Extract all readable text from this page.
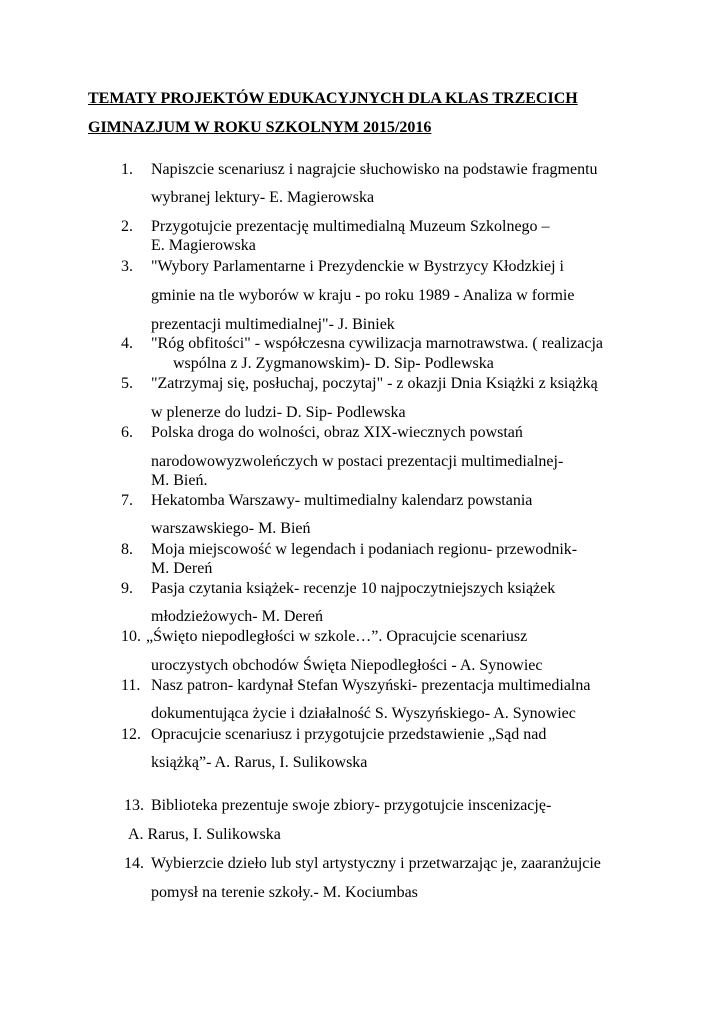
TEMATY PROJEKTÓW EDUKACYJNYCH DLA KLAS TRZECICH
GIMNAZJUM W ROKU SZKOLNYM 2015/2016
1. Napiszcie scenariusz i nagrajcie słuchowisko na podstawie fragmentu
wybranej lektury- E. Magierowska
2. Przygotujcie prezentację multimedialną Muzeum Szkolnego –
E. Magierowska
3. "Wybory Parlamentarne i Prezydenckie w Bystrzycy Kłodzkiej i
gminie na tle wyborów w kraju - po roku 1989 - Analiza w formie
prezentacji multimedialnej"- J. Biniek
4. "Róg obfitości" - współczesna cywilizacja marnotrawstwa. ( realizacja
wspólna z J. Zygmanowskim)- D. Sip- Podlewska
5. "Zatrzymaj się, posłuchaj, poczytaj" - z okazji Dnia Książki z książką
w plenerze do ludzi- D. Sip- Podlewska
6. Polska droga do wolności, obraz XIX-wiecznych powstań
narodowowyzwoleńczych w postaci prezentacji multimedialnej-
M. Bień.
7. Hekatomba Warszawy- multimedialny kalendarz powstania
warszawskiego- M. Bień
8. Moja miejscowość w legendach i podaniach regionu- przewodnik-
M. Dereń
9. Pasja czytania książek- recenzje 10 najpoczytniejszych książek
młodzieżowych- M. Dereń
10. „Święto niepodległości w szkole…”. Opracujcie scenariusz
uroczystych obchodów Święta Niepodległości - A. Synowiec
11. Nasz patron- kardynał Stefan Wyszyński- prezentacja multimedialna
dokumentująca życie i działalność S. Wyszyńskiego- A. Synowiec
12. Opracujcie scenariusz i przygotujcie przedstawienie „Sąd nad
książką”- A. Rarus, I. Sulikowska
13. Biblioteka prezentuje swoje zbiory- przygotujcie inscenizację-
A. Rarus, I. Sulikowska
14. Wybierzcie dzieło lub styl artystyczny i przetwarzając je, zaaranżujcie
pomysł na terenie szkoły.- M. Kociumbas
